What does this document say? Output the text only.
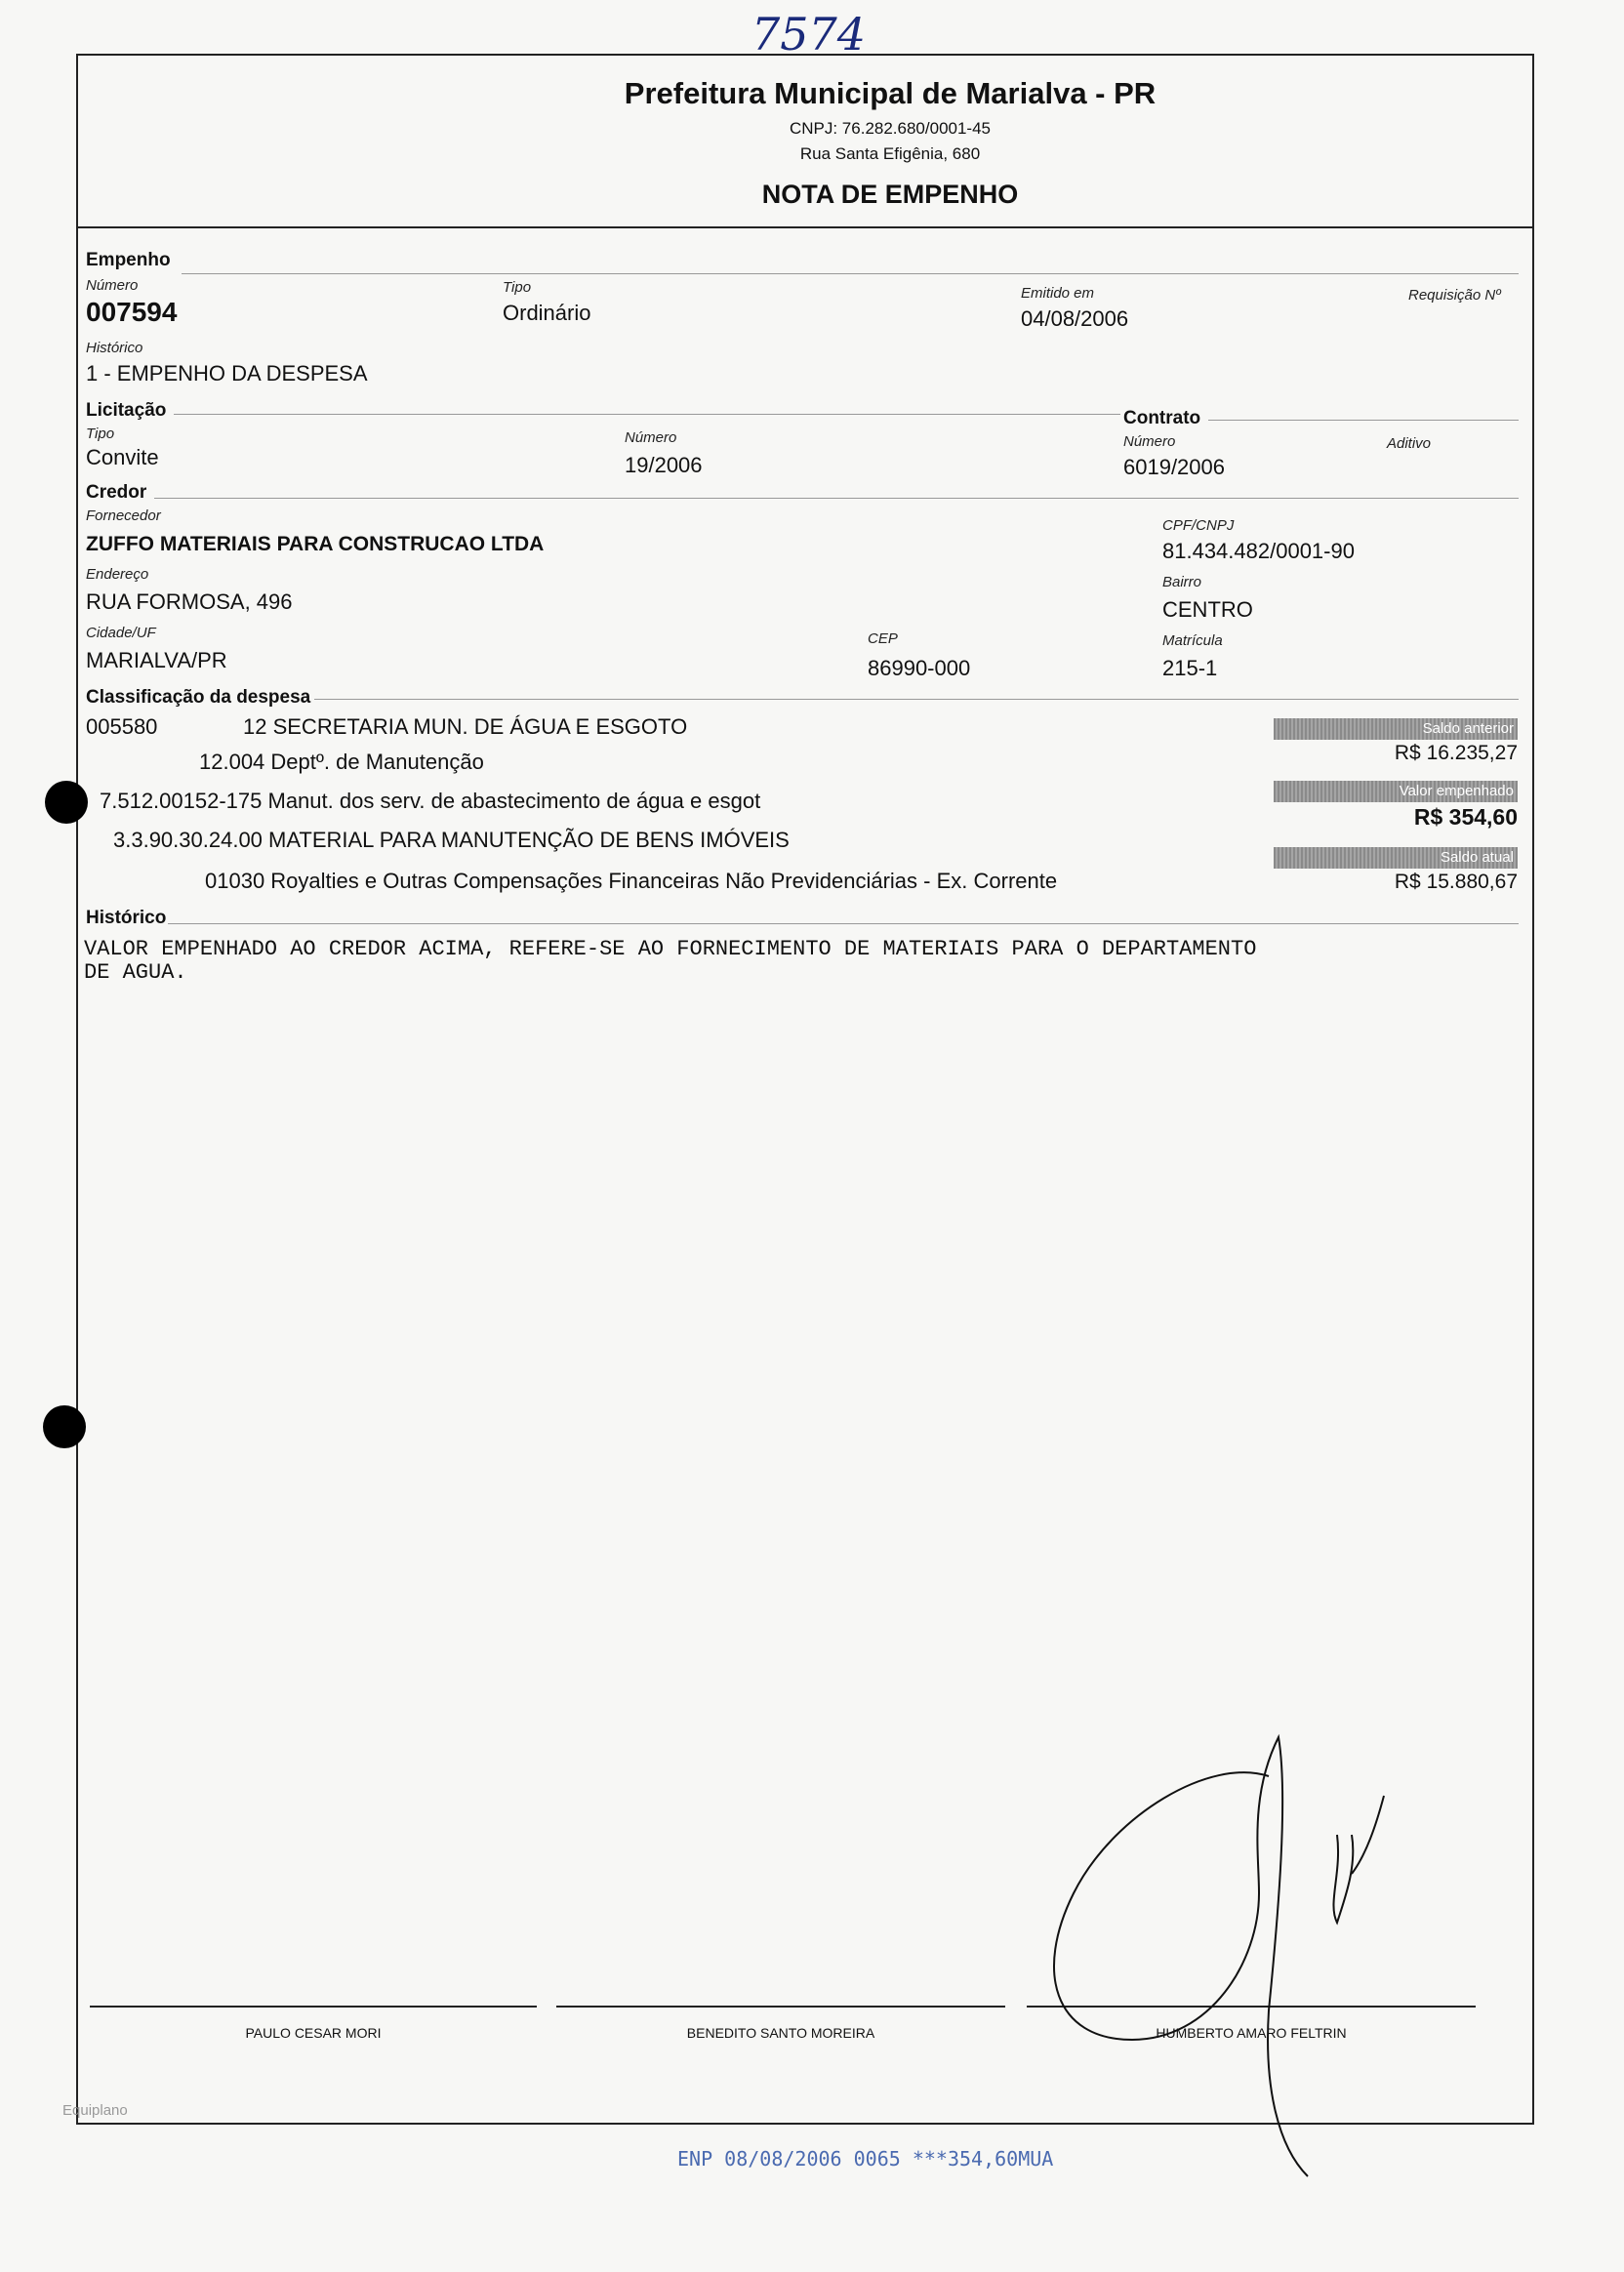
7574
Prefeitura Municipal de Marialva - PR
CNPJ: 76.282.680/0001-45
Rua Santa Efigênia, 680
NOTA DE EMPENHO
Empenho
Número
007594
Tipo
Ordinário
Emitido em
04/08/2006
Requisição Nº
Histórico
1 - EMPENHO DA DESPESA
Licitação
Tipo
Convite
Número
19/2006
Contrato
Número
6019/2006
Aditivo
Credor
Fornecedor
ZUFFO MATERIAIS PARA CONSTRUCAO LTDA
CPF/CNPJ
81.434.482/0001-90
Endereço
RUA FORMOSA, 496
Bairro
CENTRO
Cidade/UF
MARIALVA/PR
CEP
86990-000
Matrícula
215-1
Classificação da despesa
005580	12 SECRETARIA MUN. DE ÁGUA E ESGOTO
12.004 Deptº. de Manutenção
7.512.00152-175 Manut. dos serv. de abastecimento de água e esgot
3.3.90.30.24.00 MATERIAL PARA MANUTENÇÃO DE BENS IMÓVEIS
01030 Royalties e Outras Compensações Financeiras Não Previdenciárias - Ex. Corrente
Saldo anterior
R$ 16.235,27
Valor empenhado
R$ 354,60
Saldo atual
R$ 15.880,67
Histórico
VALOR EMPENHADO AO CREDOR ACIMA, REFERE-SE AO FORNECIMENTO DE MATERIAIS PARA O DEPARTAMENTO
DE AGUA.
PAULO CESAR MORI	BENEDITO SANTO MOREIRA	HUMBERTO AMARO FELTRIN
Equiplano
ENP 08/08/2006 0065 ***354,60MUA
